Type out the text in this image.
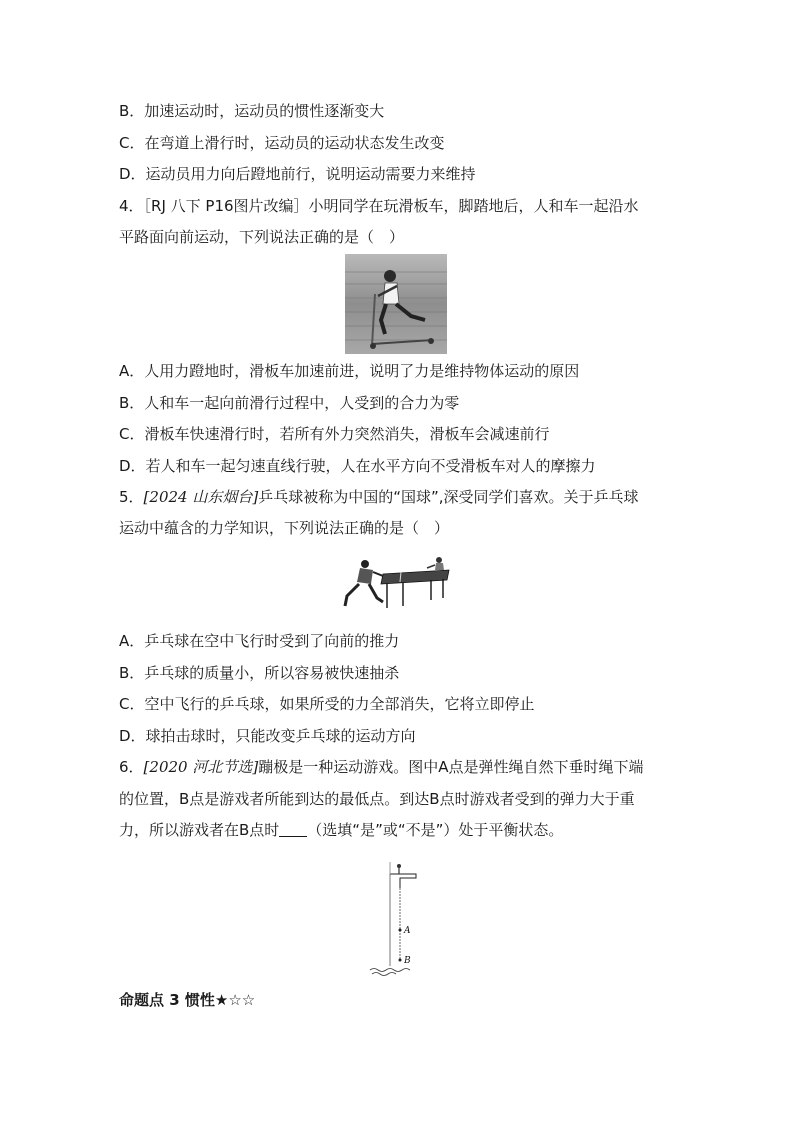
B．加速运动时，运动员的惯性逐渐变大
C．在弯道上滑行时，运动员的运动状态发生改变
D．运动员用力向后蹬地前行，说明运动需要力来维持
4．［RJ 八下 P16图片改编］小明同学在玩滑板车，脚踏地后，人和车一起沿水
平路面向前运动，下列说法正确的是（　）
A．人用力蹬地时，滑板车加速前进，说明了力是维持物体运动的原因
B．人和车一起向前滑行过程中，人受到的合力为零
C．滑板车快速滑行时，若所有外力突然消失，滑板车会减速前行
D．若人和车一起匀速直线行驶，人在水平方向不受滑板车对人的摩擦力
5．[2024 山东烟台]乒乓球被称为中国的“国球”,深受同学们喜欢。关于乒乓球
运动中蕴含的力学知识，下列说法正确的是（　）
A．乒乓球在空中飞行时受到了向前的推力
B．乒乓球的质量小，所以容易被快速抽杀
C．空中飞行的乒乓球，如果所受的力全部消失，它将立即停止
D．球拍击球时，只能改变乒乓球的运动方向
6．[2020 河北节选]蹦极是一种运动游戏。图中A点是弹性绳自然下垂时绳下端
的位置，B点是游戏者所能到达的最低点。到达B点时游戏者受到的弹力大于重
力，所以游戏者在B点时 （选填“是”或“不是”）处于平衡状态。
A
B
命题点 3 惯性★☆☆
